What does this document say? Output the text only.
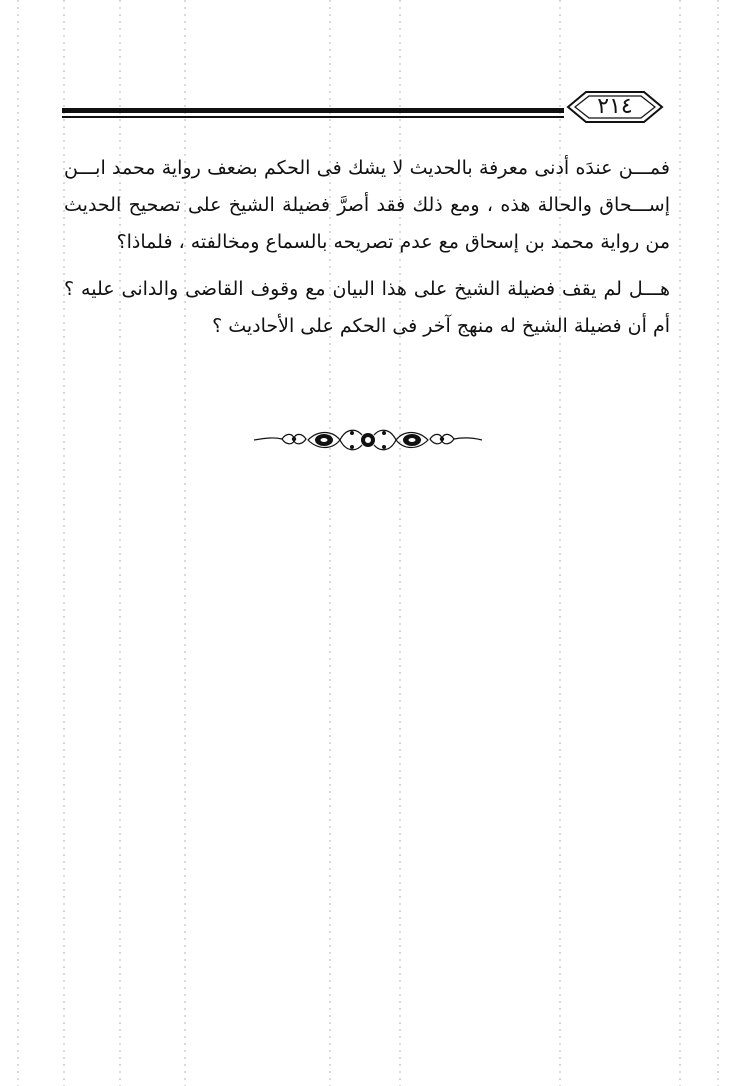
٢١٤

فمـــن عندَه أدنى معرفة بالحديث لا يشك فى الحكم بضعف رواية محمد ابـــن إســـحاق والحالة هذه ، ومع ذلك فقد أصرَّ فضيلة الشيخ على تصحيح الحديث من رواية محمد بن إسحاق مع عدم تصريحه بالسماع ومخالفته ، فلماذا؟

هـــل لم يقف فضيلة الشيخ على هذا البيان مع وقوف القاضى والدانى عليه ؟ أم أن فضيلة الشيخ له منهج آخر فى الحكم على الأحاديث ؟
